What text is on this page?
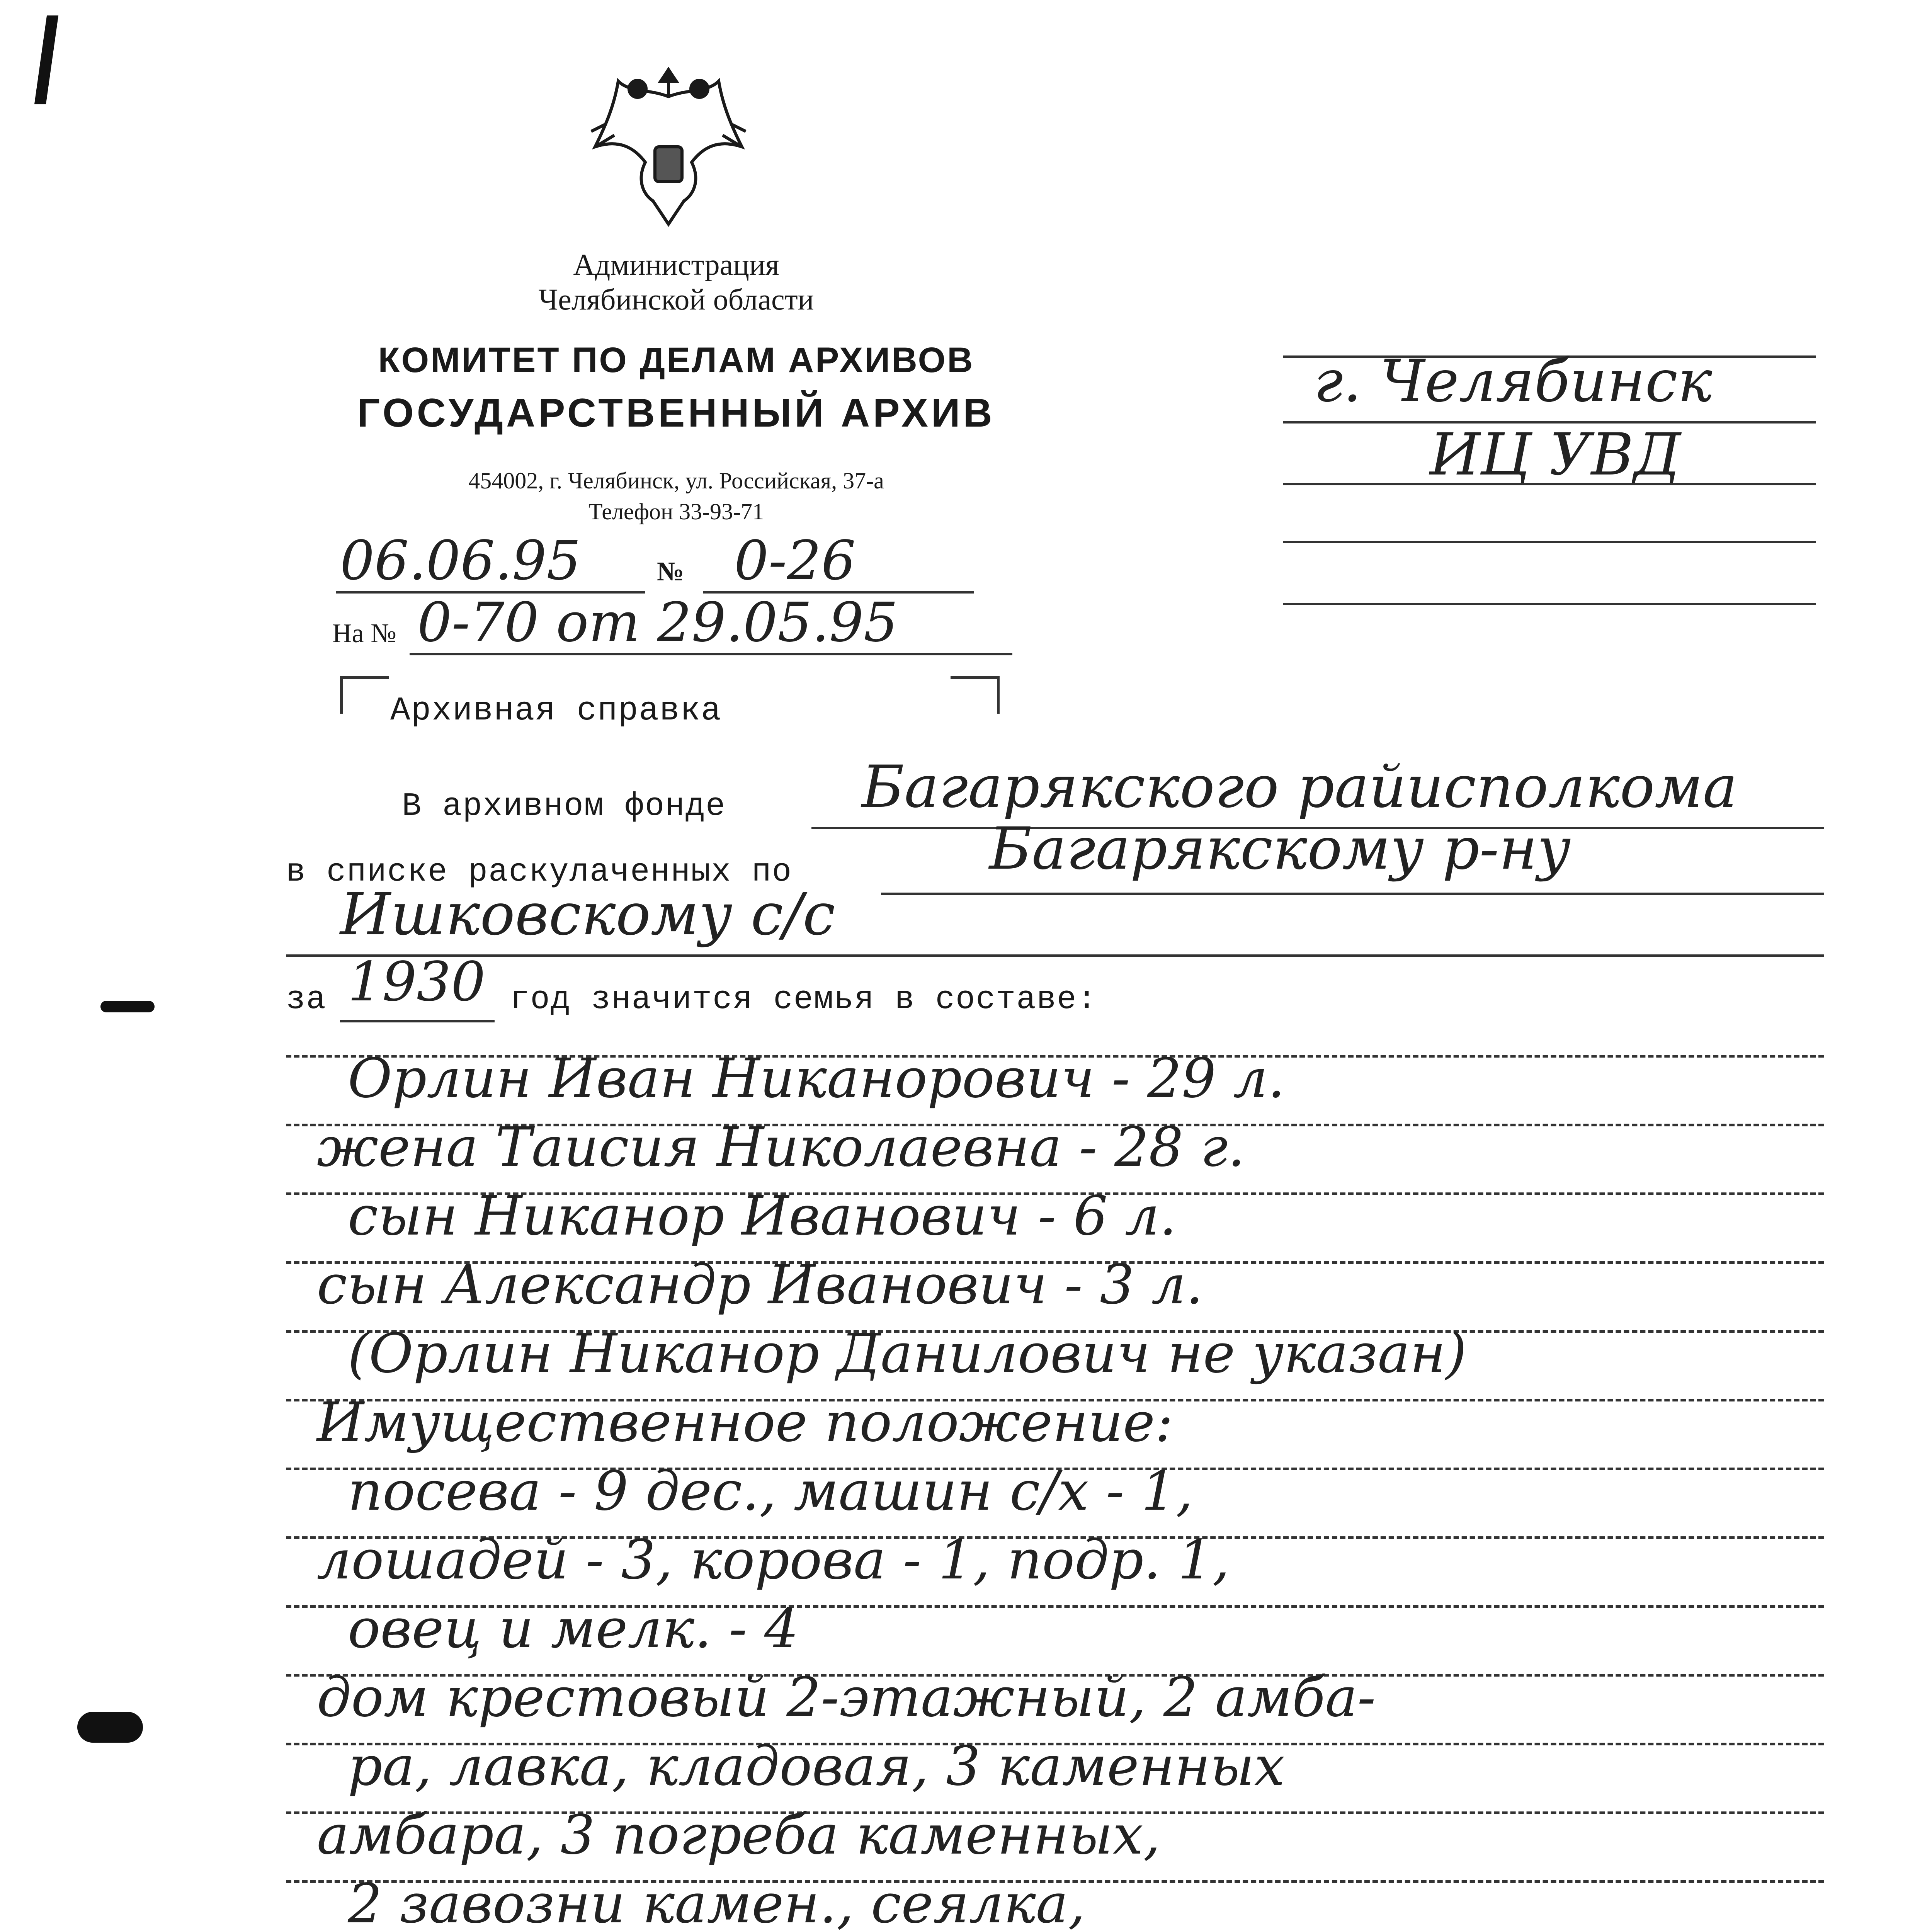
Администрация
Челябинской области
КОМИТЕТ ПО ДЕЛАМ АРХИВОВ
ГОСУДАРСТВЕННЫЙ АРХИВ
454002, г. Челябинск, ул. Российская, 37-а
Телефон 33-93-71
06.06.95	№ 0-26
На № 0-70 от 29.05.95
г. Челябинск
ИЦ УВД
Архивная справка
В архивном фонде Багарякского райисполкома
в списке раскулаченных по	Багарякскому р-ну
Ишковскому с/с
за 1930 год значится семья в составе:
Орлин Иван Никанорович - 29 л.
жена Таисия Николаевна - 28 г.
сын Никанор Иванович - 6 л.
сын Александр Иванович - 3 л.
(Орлин Никанор Данилович не указан)
Имущественное положение:
посева - 9 дес., машин с/х - 1,
лошадей - 3, корова - 1, подр. 1,
овец и мелк. - 4
дом крестовый 2-этажный, 2 амба-
ра, лавка, кладовая, 3 каменных
амбара, 3 погреба каменных,
2 завозни камен., сеялка,
